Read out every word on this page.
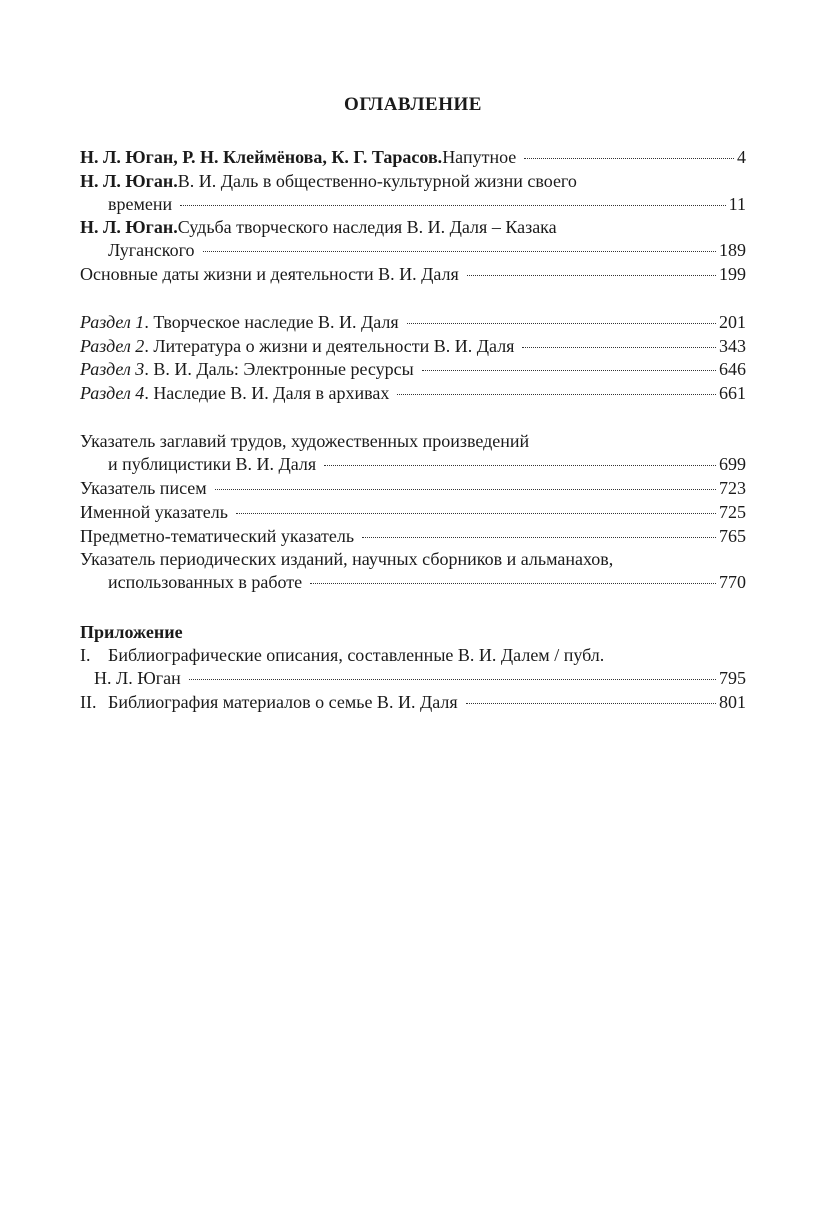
ОГЛАВЛЕНИЕ
Н. Л. Юган, Р. Н. Клеймёнова, К. Г. Тарасов. Напутное	4
Н. Л. Юган. В. И. Даль в общественно-культурной жизни своего
времени	11
Н. Л. Юган. Судьба творческого наследия В. И. Даля – Казака
Луганского	189
Основные даты жизни и деятельности В. И. Даля	199
Раздел 1 . Творческое наследие В. И. Даля	201
Раздел 2 . Литература о жизни и деятельности В. И. Даля	343
Раздел 3 . В. И. Даль: Электронные ресурсы	646
Раздел 4 . Наследие В. И. Даля в архивах	661
Указатель заглавий трудов, художественных произведений
и публицистики В. И. Даля	699
Указатель писем	723
Именной указатель	725
Предметно-тематический указатель	765
Указатель периодических изданий, научных сборников и альманахов,
использованных в работе	770
Приложение
I. Библиографические описания, составленные В. И. Далем / публ.
Н. Л. Юган	795
II. Библиография материалов о семье В. И. Даля	801
